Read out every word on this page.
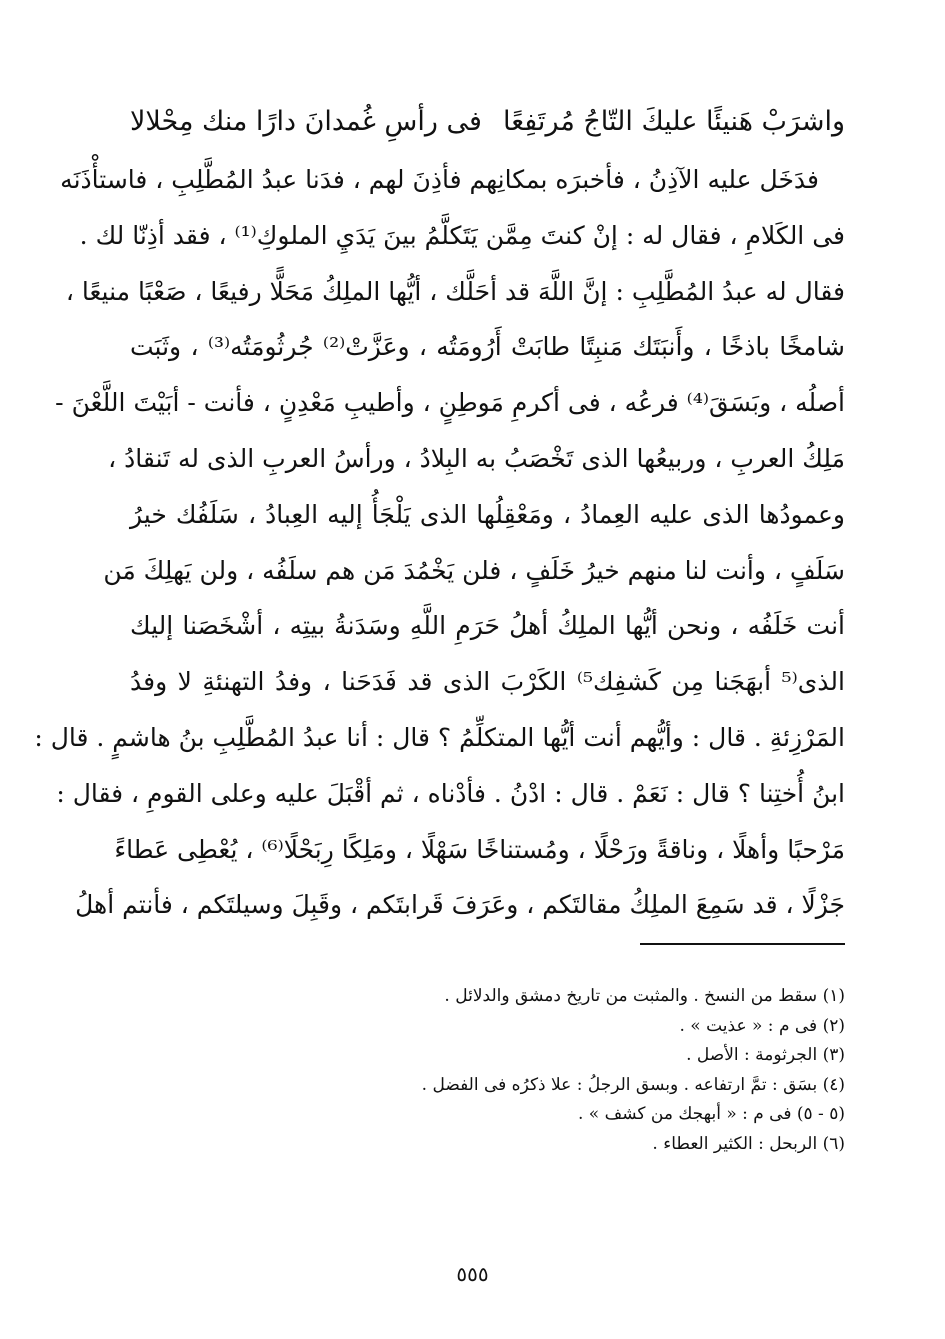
واشرَبْ هَنيئًا عليكَ التّاجُ مُرتَفِعًا
فى رأسِ غُمدانَ دارًا منك مِحْلالا
فدَخَل عليه الآذِنُ ، فأخبرَه بمكانِهم فأذِنَ لهم ، فدَنا عبدُ المُطَّلِبِ ، فاستأْذَنَه
فى الكَلامِ ، فقال له : إنْ كنتَ مِمَّن يَتَكلَّمُ بينَ يَدَيِ الملوكِ⁽¹⁾ ، فقد أذِنّا لك .
فقال له عبدُ المُطَّلِبِ : إنَّ اللَّهَ قد أحَلَّك ، أيُّها الملِكُ مَحَلًّا رفيعًا ، صَعْبًا منيعًا ،
شامخًا باذخًا ، وأَنبَتَك مَنبِتًا طابَتْ أَرُومَتُه ، وعَزَّتْ⁽²⁾ جُرثُومَتُه⁽³⁾ ، وثَبَت
أصلُه ، وبَسَقَ⁽⁴⁾ فرعُه ، فى أكرمِ مَوطِنٍ ، وأطيبِ مَعْدِنٍ ، فأنت - أبَيْتَ اللَّعْنَ -
مَلِكُ العربِ ، وربيعُها الذى تَخْصَبُ به البِلادُ ، ورأسُ العربِ الذى له تَنقادُ ،
وعمودُها الذى عليه العِمادُ ، ومَعْقِلُها الذى يَلْجَأُ إليه العِبادُ ، سَلَفُك خيرُ
سَلَفٍ ، وأنت لنا منهم خيرُ خَلَفٍ ، فلن يَخْمُدَ مَن هم سلَفُه ، ولن يَهلِكَ مَن
أنت خَلَفُه ، ونحن أيُّها الملِكُ أهلُ حَرَمِ اللَّهِ وسَدَنةُ بيتِه ، أشْخَصَنا إليك
الذى⁽⁵ أبهَجَنا مِن كَشفِك⁵⁾ الكَرْبَ الذى قد فَدَحَنا ، وفدُ التهنئةِ لا وفدُ
المَرْزِئةِ . قال : وأيُّهم أنت أيُّها المتكلِّمُ ؟ قال : أنا عبدُ المُطَّلِبِ بنُ هاشمٍ . قال :
ابنُ أُختِنا ؟ قال : نَعَمْ . قال : ادْنُ . فأدْناه ، ثم أقْبَلَ عليه وعلى القومِ ، فقال :
مَرْحبًا وأهلًا ، وناقةً ورَحْلًا ، ومُستناخًا سَهْلًا ، ومَلِكًا رِبَحْلًا⁽⁶⁾ ، يُعْطِى عَطاءً
جَزْلًا ، قد سَمِعَ الملِكُ مقالتَكم ، وعَرَفَ قَرابتَكم ، وقَبِلَ وسيلتَكم ، فأنتم أهلُ
(١) سقط من النسخ . والمثبت من تاريخ دمشق والدلائل .
(٢) فى م : « عذيت » .
(٣) الجرثومة : الأصل .
(٤) بسَق : تمَّ ارتفاعه . وبسق الرجلُ : علا ذكرُه فى الفضل .
(٥ - ٥) فى م : « أبهجك من كشف » .
(٦) الربحل : الكثير العطاء .
٥٥٥
